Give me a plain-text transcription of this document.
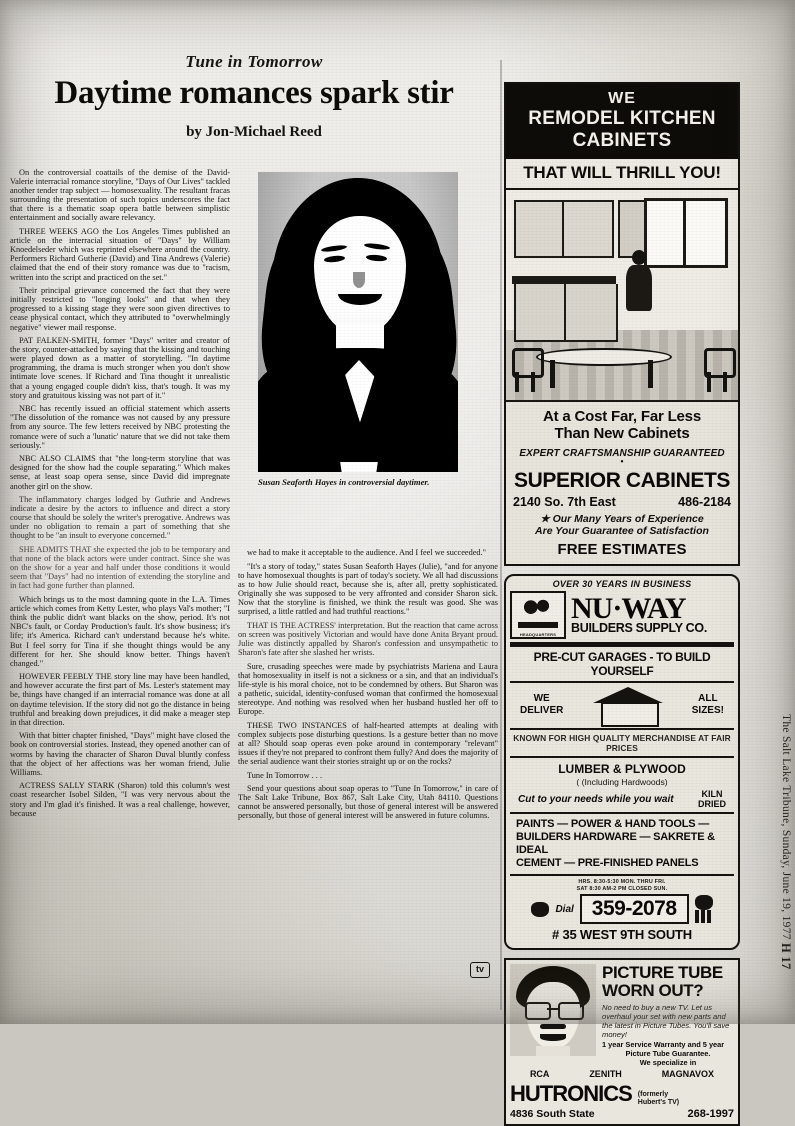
Tune in Tomorrow
Daytime romances spark stir
by Jon-Michael Reed
Susan Seaforth Hayes in controversial daytimer.

On the controversial coattails of the demise of the David-Valerie interracial romance storyline, "Days of Our Lives" tackled another tender trap subject — homosexuality. The resultant fracas surrounding the presentation of such topics underscores the fact that there is a thematic soap opera battle between simplistic entertainment and socially aware relevancy.

THREE WEEKS AGO the Los Angeles Times published an article on the interracial situation of "Days" by William Knoedelseder which was reprinted elsewhere around the country. Performers Richard Gutherie (David) and Tina Andrews (Valerie) claimed that the end of their story romance was due to "racism, written into the script and practiced on the set."

Their principal grievance concerned the fact that they were initially restricted to "longing looks" and that when they progressed to a kissing stage they were soon given directives to cease physical contact, which they attributed to "overwhelmingly negative" viewer mail response.

PAT FALKEN-SMITH, former "Days" writer and creator of the story, counter-attacked by saying that the kissing and touching were played down as a matter of storytelling. "In daytime programming, the drama is much stronger when you don't show intimate love scenes. If Richard and Tina thought it unrealistic that a young engaged couple didn't kiss, that's tough. It was my story and gratuitous kissing was not part of it."

NBC has recently issued an official statement which asserts "The dissolution of the romance was not caused by any pressure from any source. The few letters received by NBC protesting the romance were of such a 'lunatic' nature that we did not take them seriously."

NBC ALSO CLAIMS that "the long-term storyline that was designed for the show had the couple separating." Which makes sense, at least soap opera sense, since David did impregnate another girl on the show.

The inflammatory charges lodged by Guthrie and Andrews indicate a desire by the actors to influence and direct a story course that should be solely the writer's prerogative. Andrews was under no obligation to remain a part of something that she thought to be "an insult to everyone concerned."

SHE ADMITS THAT she expected the job to be temporary and that none of the black actors were under contract. Since she was on the show for a year and half under those conditions it would seem that "Days" had no intention of extending the storyline and in fact had gone further than planned.

Which brings us to the most damning quote in the L.A. Times article which comes from Ketty Lester, who plays Val's mother; "I think the public didn't want blacks on the show, period. It's not NBC's fault, or Corday Production's fault. It's show business; it's life; it's America. Richard can't understand because he's white. But I feel sorry for Tina if she thought things would be any different for her. She should know better. Things haven't changed."

HOWEVER FEEBLY THE story line may have been handled, and however accurate the first part of Ms. Lester's statement may be, things have changed if an interracial romance was done at all on daytime television. If the story did not go the distance in being truthful and breaking down prejudices, it did make a meager step in that direction.

With that bitter chapter finished, "Days" might have closed the book on controversial stories. Instead, they opened another can of worms by having the character of Sharon Duval bluntly confess that the object of her affections was her woman friend, Julie Williams.

ACTRESS SALLY STARK (Sharon) told this column's west coast researcher Isobel Silden, "I was very nervous about the story and I'm glad it's finished. It was a real challenge, however, because

we had to make it acceptable to the audience. And I feel we succeeded."

"It's a story of today," states Susan Seaforth Hayes (Julie), "and for anyone to have homosexual thoughts is part of today's society. We all had discussions as to how Julie should react, because she is, after all, pretty sophisticated. Originally she was supposed to be very affronted and consider Sharon sick. Now that the storyline is finished, we think the result was good. She was surprised, a little rattled and had truthful reactions."

THAT IS THE ACTRESS' interpretation. But the reaction that came across on screen was positively Victorian and would have done Anita Bryant proud. Julie was distinctly appalled by Sharon's confession and unsympathetic to Sharon's fate after she slashed her wrists.

Sure, crusading speeches were made by psychiatrists Mariena and Laura that homosexuality in itself is not a sickness or a sin, and that an individual's life-style is his moral choice, not to be condemned by others. But Sharon was a pathetic, suicidal, identity-confused woman that confirmed the homosexual stereotype. And nothing was resolved when her husband hustled her off to Europe.

THESE TWO INSTANCES of half-hearted attempts at dealing with complex subjects pose disturbing questions. Is a gesture better than no move at all? Should soap operas even poke around in contemporary "relevant" issues if they're not prepared to confront them fully? And does the majority of the serial audience want their stories straight up or on the rocks?

Tune In Tomorrow . . .

Send your questions about soap operas to "Tune In Tomorrow," in care of The Salt Lake Tribune, Box 867, Salt Lake City, Utah 84110. Questions cannot be answered personally, but those of general interest will be answered personally, but those of general interest will be answered in future columns.

tv
WE
REMODEL KITCHEN
CABINETS
THAT WILL THRILL YOU!
At a Cost Far, Far Less
Than New Cabinets
EXPERT CRAFTSMANSHIP GUARANTEED
•
SUPERIOR CABINETS
2140 So. 7th East	486-2184
★ Our Many Years of Experience
Are Your Guarantee of Satisfaction
FREE ESTIMATES
OVER 30 YEARS IN BUSINESS
HEADQUARTERS
NU·WAY
BUILDERS SUPPLY CO.
PRE-CUT GARAGES - TO BUILD YOURSELF
WE
DELIVER
ALL
SIZES!
KNOWN FOR HIGH QUALITY MERCHANDISE AT FAIR PRICES
LUMBER & PLYWOOD
( (Including Hardwoods)
Cut to your needs while you wait	KILN
DRIED
PAINTS — POWER & HAND TOOLS —
BUILDERS HARDWARE — SAKRETE & IDEAL
CEMENT — PRE-FINISHED PANELS
HRS. 8:30-5:30 MON. THRU FRI.
SAT 8:30 AM-2 PM CLOSED SUN.
Dial 359-2078
# 35 WEST 9TH SOUTH
PICTURE TUBE
WORN OUT?
No need to buy a new TV. Let us overhaul your set with new parts and the latest in Picture Tubes. You'll save money!
1 year Service Warranty and 5 year
Picture Tube Guarantee.
We specialize in
RCA	ZENITH	MAGNAVOX
HUTRONICS (formerly
Hubert's TV)
4836 South State	268-1997
The Salt Lake Tribune, Sunday, June 19, 1977 H 17
